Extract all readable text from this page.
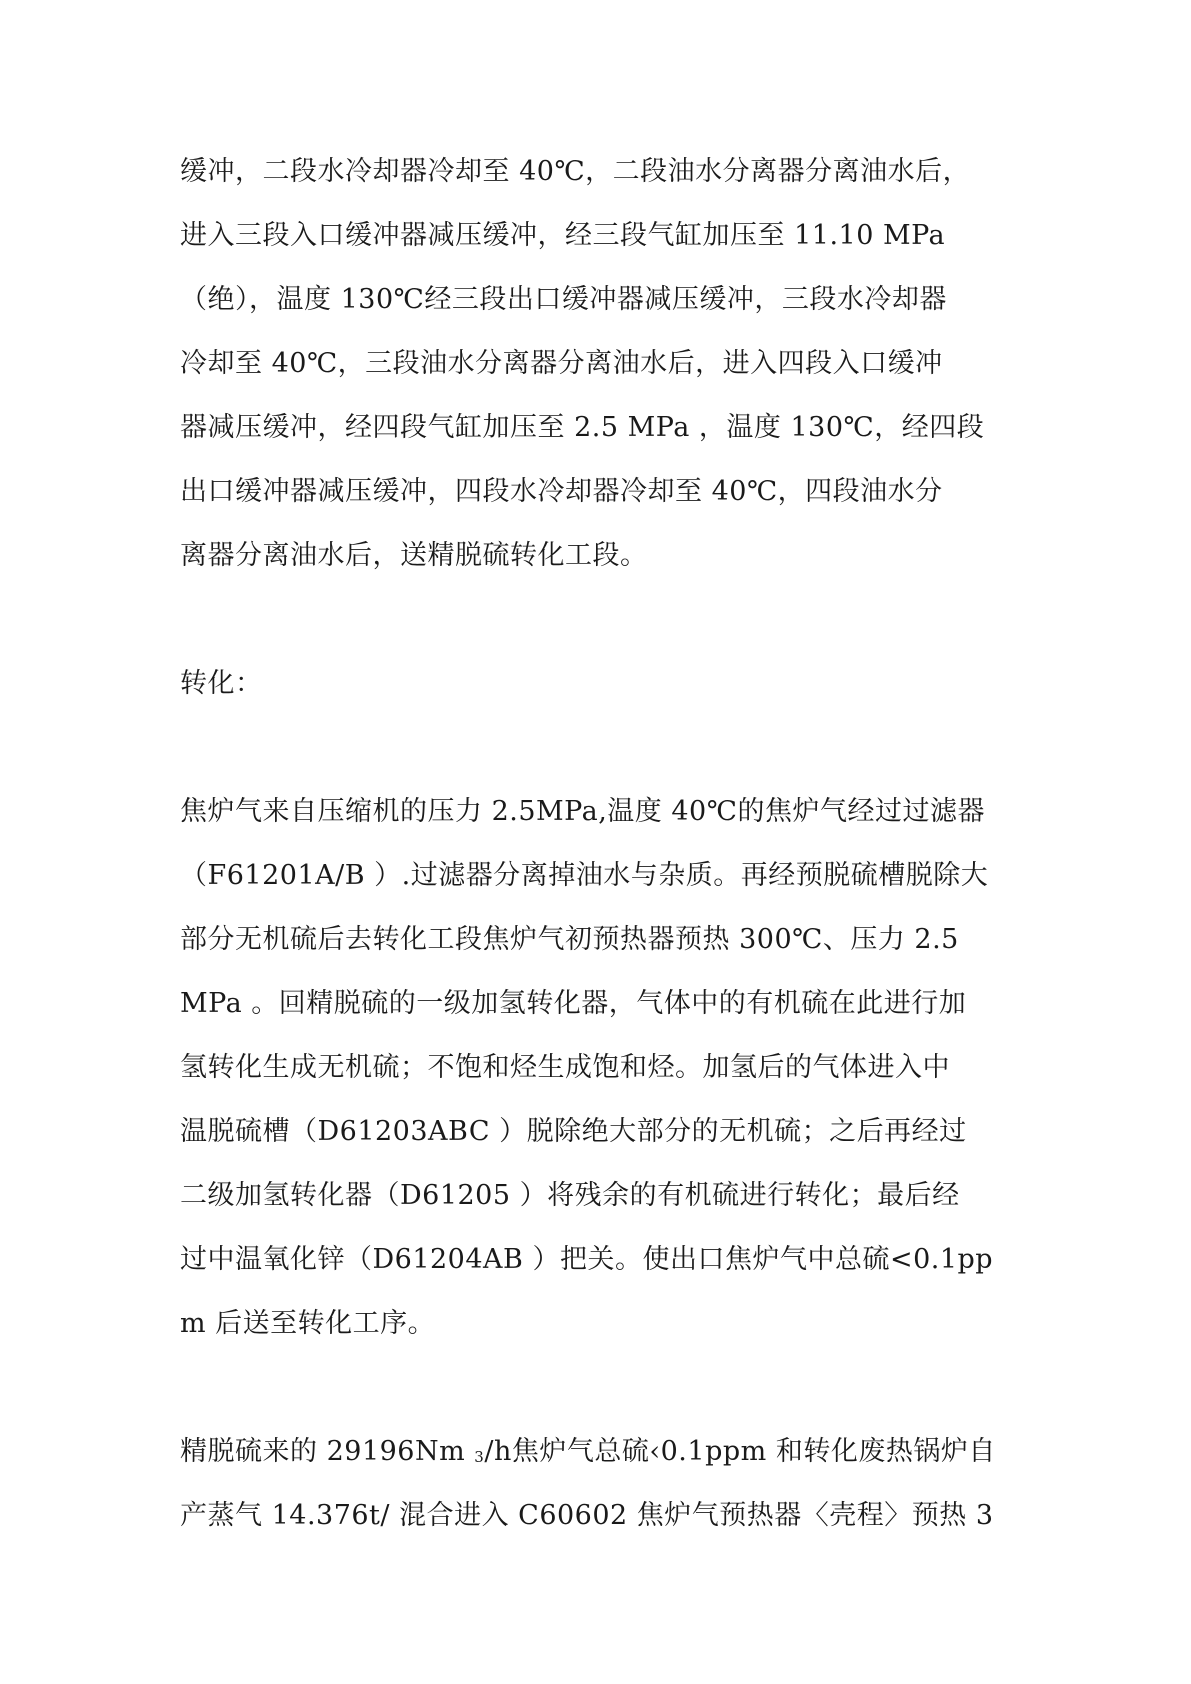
缓冲，二段水冷却器冷却至 40℃，二段油水分离器分离油水后，
进入三段入口缓冲器减压缓冲，经三段气缸加压至 11.10 MPa
（绝），温度 130℃经三段出口缓冲器减压缓冲，三段水冷却器
冷却至 40℃，三段油水分离器分离油水后，进入四段入口缓冲
器减压缓冲，经四段气缸加压至 2.5 MPa ，温度 130℃，经四段
出口缓冲器减压缓冲，四段水冷却器冷却至 40℃，四段油水分
离器分离油水后，送精脱硫转化工段。
转化：
焦炉气来自压缩机的压力 2.5MPa,温度 40℃的焦炉气经过过滤器
（F61201A/B ）.过滤器分离掉油水与杂质。再经预脱硫槽脱除大
部分无机硫后去转化工段焦炉气初预热器预热 300℃、压力 2.5
MPa 。回精脱硫的一级加氢转化器，气体中的有机硫在此进行加
氢转化生成无机硫；不饱和烃生成饱和烃。加氢后的气体进入中
温脱硫槽（D61203ABC ）脱除绝大部分的无机硫；之后再经过
二级加氢转化器（D61205 ）将残余的有机硫进行转化；最后经
过中温氧化锌（D61204AB ）把关。使出口焦炉气中总硫<0.1pp
m 后送至转化工序。
精脱硫来的 29196Nm 3/h焦炉气总硫‹0.1ppm 和转化废热锅炉自
产蒸气 14.376t/ 混合进入 C60602 焦炉气预热器〈壳程〉预热 3
